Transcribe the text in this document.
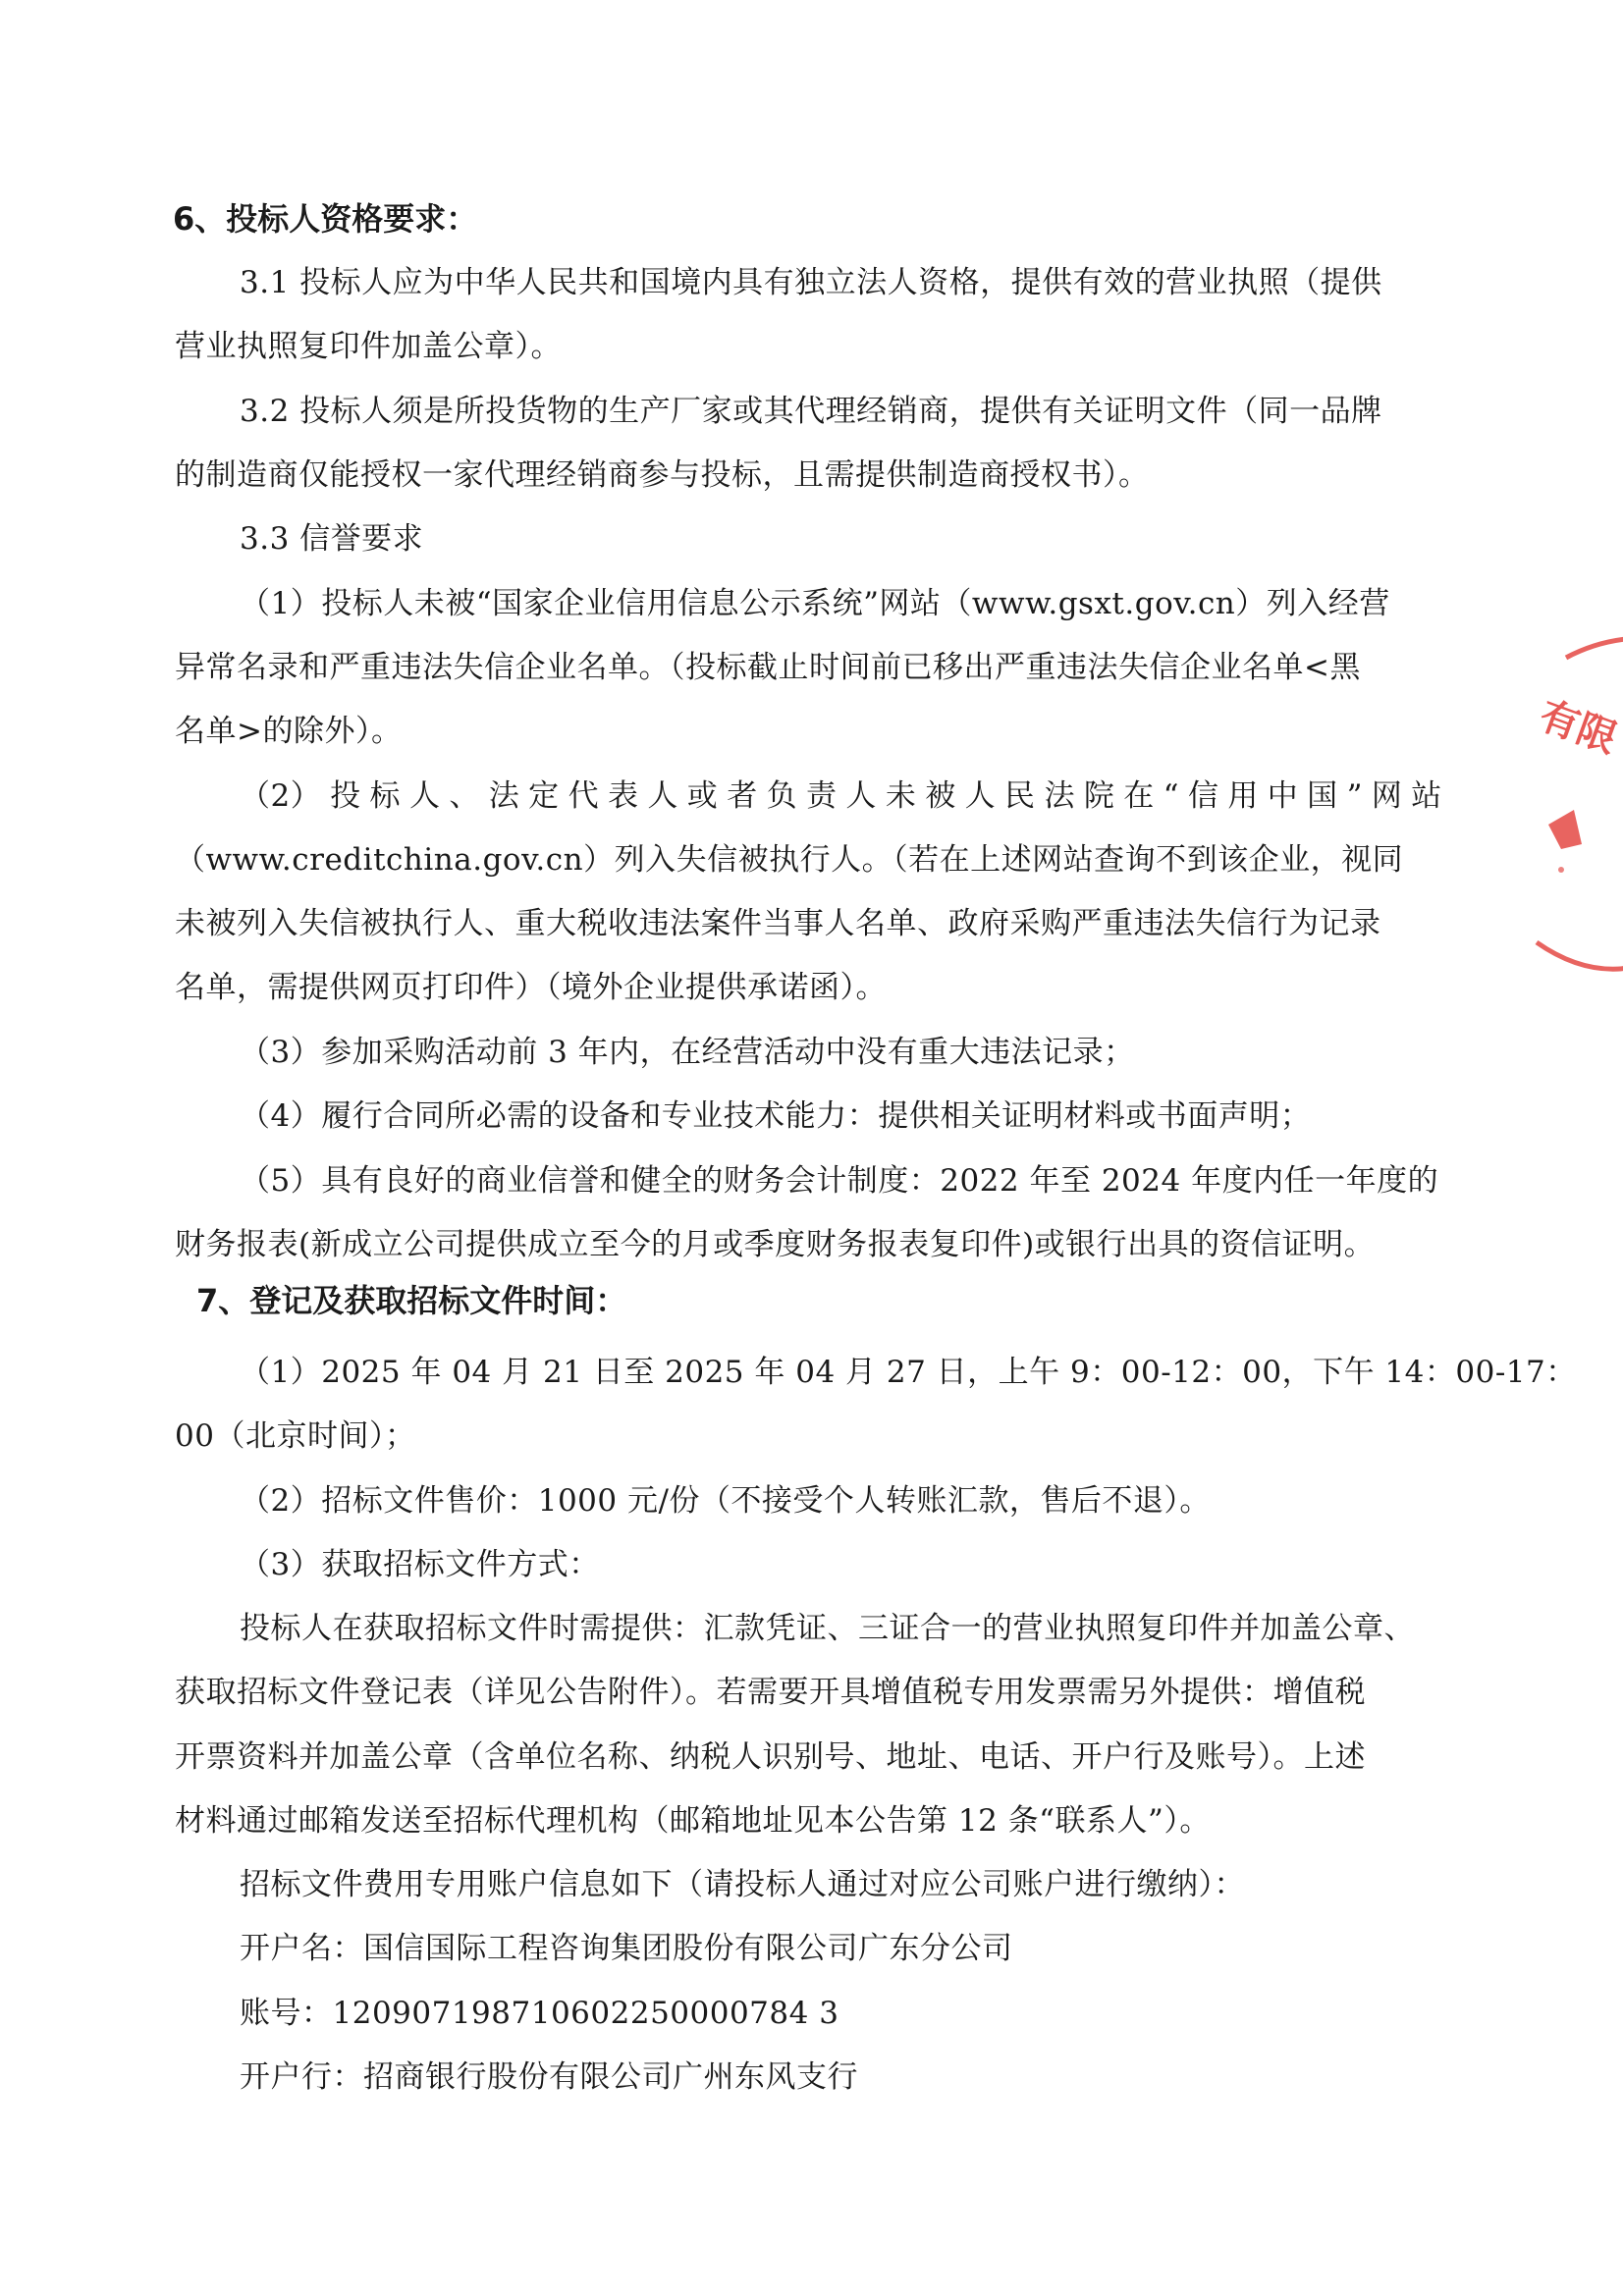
6、投标人资格要求：
3.1 投标人应为中华人民共和国境内具有独立法人资格，提供有效的营业执照（提供
营业执照复印件加盖公章）。
3.2 投标人须是所投货物的生产厂家或其代理经销商，提供有关证明文件（同一品牌
的制造商仅能授权一家代理经销商参与投标，且需提供制造商授权书）。
3.3 信誉要求
（1）投标人未被“国家企业信用信息公示系统”网站（www.gsxt.gov.cn）列入经营
异常名录和严重违法失信企业名单。（投标截止时间前已移出严重违法失信企业名单<黑
名单>的除外）。
（2） 投 标 人 、 法 定 代 表 人 或 者 负 责 人 未 被 人 民 法 院 在 “ 信 用 中 国 ” 网 站
（www.creditchina.gov.cn）列入失信被执行人。（若在上述网站查询不到该企业，视同
未被列入失信被执行人、重大税收违法案件当事人名单、政府采购严重违法失信行为记录
名单，需提供网页打印件）（境外企业提供承诺函）。
（3）参加采购活动前 3 年内，在经营活动中没有重大违法记录；
（4）履行合同所必需的设备和专业技术能力：提供相关证明材料或书面声明；
（5）具有良好的商业信誉和健全的财务会计制度：2022 年至 2024 年度内任一年度的
财务报表(新成立公司提供成立至今的月或季度财务报表复印件)或银行出具的资信证明。
7、登记及获取招标文件时间：
（1）2025 年 04 月 21 日至 2025 年 04 月 27 日，上午 9：00-12：00，下午 14：00-17：
00（北京时间）；
（2）招标文件售价：1000 元/份（不接受个人转账汇款，售后不退）。
（3）获取招标文件方式：
投标人在获取招标文件时需提供：汇款凭证、三证合一的营业执照复印件并加盖公章、
获取招标文件登记表（详见公告附件）。若需要开具增值税专用发票需另外提供：增值税
开票资料并加盖公章（含单位名称、纳税人识别号、地址、电话、开户行及账号）。上述
材料通过邮箱发送至招标代理机构（邮箱地址见本公告第 12 条“联系人”）。
招标文件费用专用账户信息如下（请投标人通过对应公司账户进行缴纳）：
开户名：国信国际工程咨询集团股份有限公司广东分公司
账号：120907198710602250000784 3
开户行：招商银行股份有限公司广州东风支行
有限
